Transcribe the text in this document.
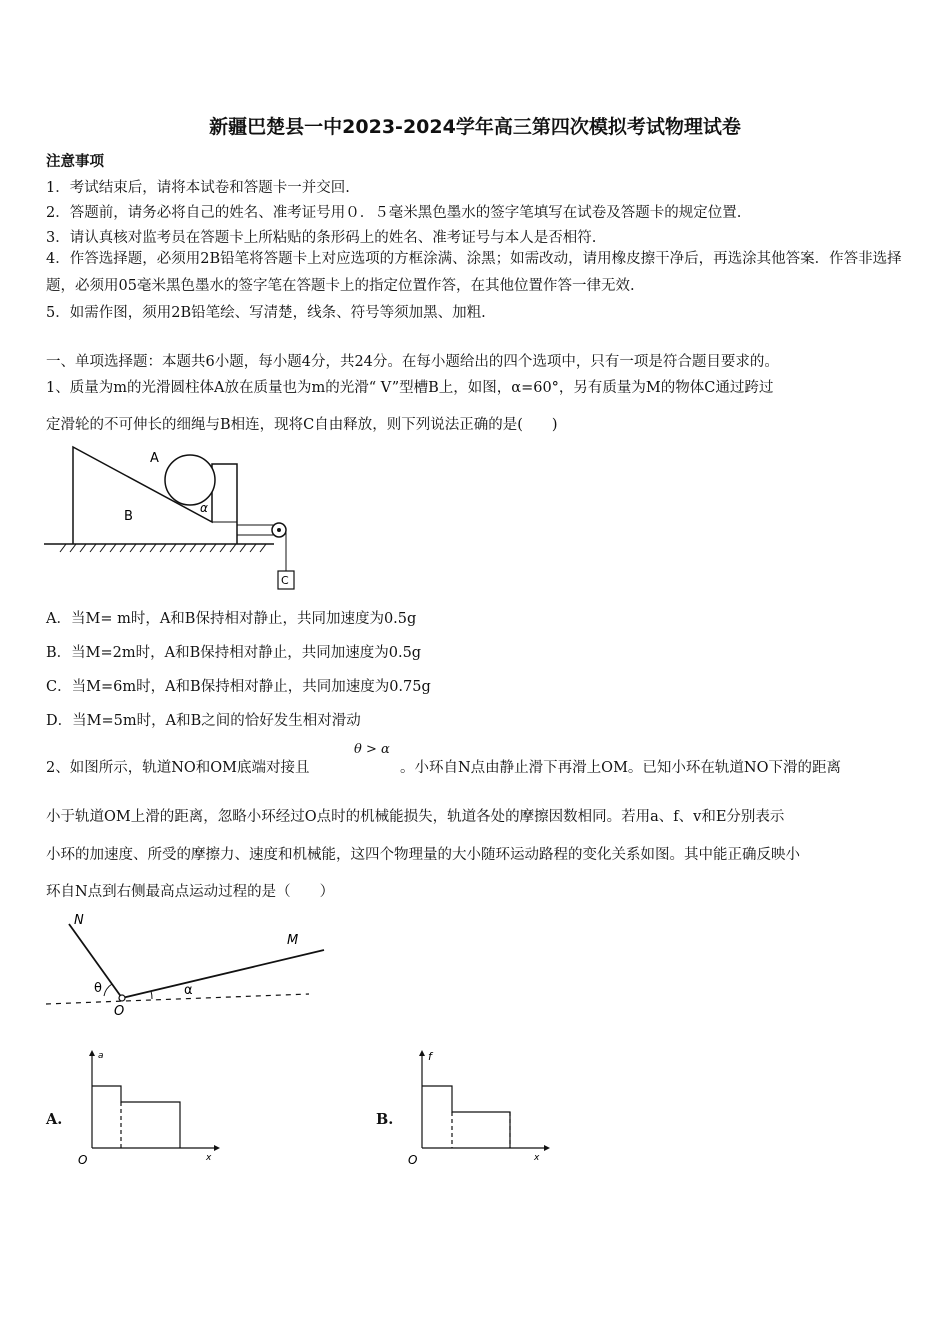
新疆巴楚县一中2023-2024学年高三第四次模拟考试物理试卷
注意事项
1．考试结束后，请将本试卷和答题卡一并交回.
2．答题前，请务必将自己的姓名、准考证号用０．５毫米黑色墨水的签字笔填写在试卷及答题卡的规定位置.
3．请认真核对监考员在答题卡上所粘贴的条形码上的姓名、准考证号与本人是否相符.
4．作答选择题，必须用2B铅笔将答题卡上对应选项的方框涂满、涂黑；如需改动，请用橡皮擦干净后，再选涂其他答案．作答非选择题，必须用05毫米黑色墨水的签字笔在答题卡上的指定位置作答，在其他位置作答一律无效.
5．如需作图，须用2B铅笔绘、写清楚，线条、符号等须加黑、加粗.
一、单项选择题：本题共6小题，每小题4分，共24分。在每小题给出的四个选项中，只有一项是符合题目要求的。
1、质量为m的光滑圆柱体A放在质量也为m的光滑“ V”型槽B上，如图，α=60°，另有质量为M的物体C通过跨过
定滑轮的不可伸长的细绳与B相连，现将C自由释放，则下列说法正确的是(　　)
A
B
α
C
A．当M= m时，A和B保持相对静止，共同加速度为0.5g
B．当M=2m时，A和B保持相对静止，共同加速度为0.5g
C．当M=6m时，A和B保持相对静止，共同加速度为0.75g
D．当M=5m时，A和B之间的恰好发生相对滑动
2、如图所示，轨道NO和OM底端对接且
θ > α
。小环自N点由静止滑下再滑上OM。已知小环在轨道NO下滑的距离
小于轨道OM上滑的距离，忽略小环经过O点时的机械能损失，轨道各处的摩擦因数相同。若用a、f、v和E分别表示
小环的加速度、所受的摩擦力、速度和机械能，这四个物理量的大小随环运动路程的变化关系如图。其中能正确反映小
环自N点到右侧最高点运动过程的是（　　）
N
M
O
θ	α
A.
a
x
O
B.
f
x
O
